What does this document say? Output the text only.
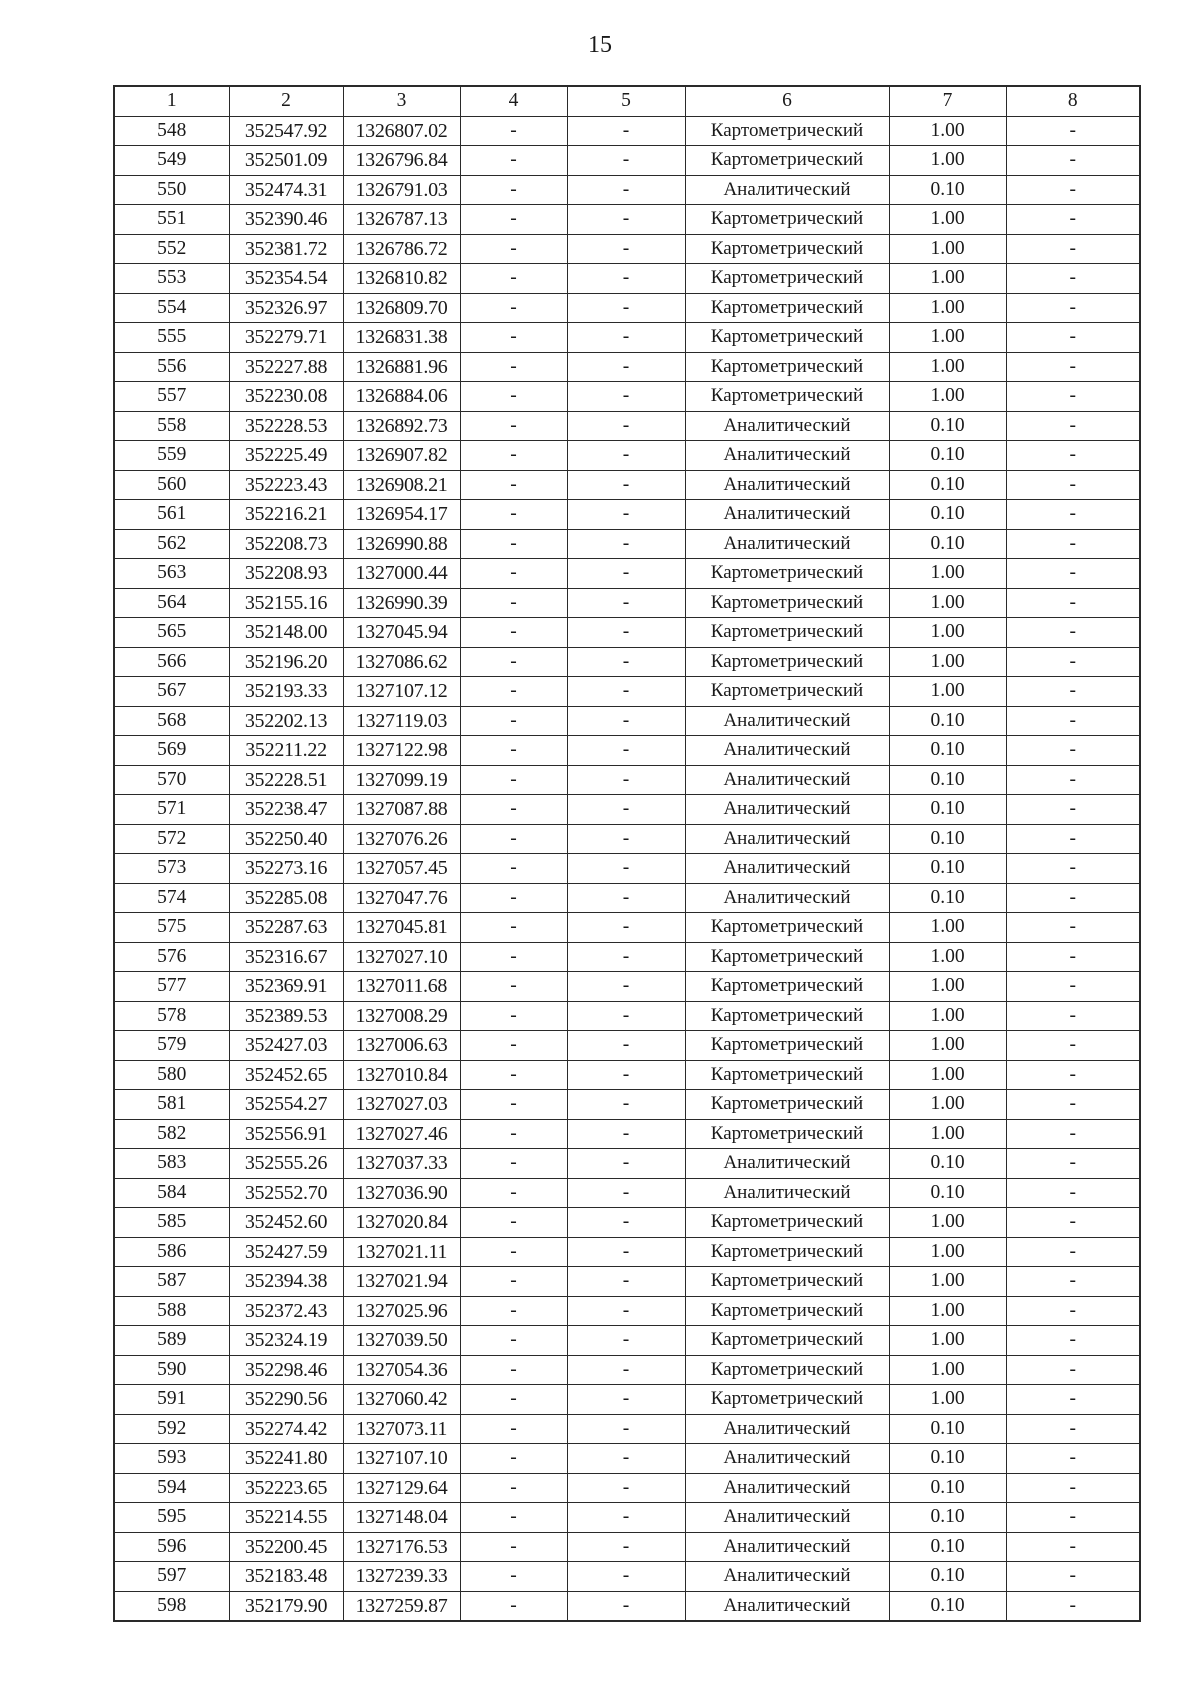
15
1	2	3	4	5	6	7	8
548	352547.92	1326807.02	-	-	Картометрический	1.00	-
549	352501.09	1326796.84	-	-	Картометрический	1.00	-
550	352474.31	1326791.03	-	-	Аналитический	0.10	-
551	352390.46	1326787.13	-	-	Картометрический	1.00	-
552	352381.72	1326786.72	-	-	Картометрический	1.00	-
553	352354.54	1326810.82	-	-	Картометрический	1.00	-
554	352326.97	1326809.70	-	-	Картометрический	1.00	-
555	352279.71	1326831.38	-	-	Картометрический	1.00	-
556	352227.88	1326881.96	-	-	Картометрический	1.00	-
557	352230.08	1326884.06	-	-	Картометрический	1.00	-
558	352228.53	1326892.73	-	-	Аналитический	0.10	-
559	352225.49	1326907.82	-	-	Аналитический	0.10	-
560	352223.43	1326908.21	-	-	Аналитический	0.10	-
561	352216.21	1326954.17	-	-	Аналитический	0.10	-
562	352208.73	1326990.88	-	-	Аналитический	0.10	-
563	352208.93	1327000.44	-	-	Картометрический	1.00	-
564	352155.16	1326990.39	-	-	Картометрический	1.00	-
565	352148.00	1327045.94	-	-	Картометрический	1.00	-
566	352196.20	1327086.62	-	-	Картометрический	1.00	-
567	352193.33	1327107.12	-	-	Картометрический	1.00	-
568	352202.13	1327119.03	-	-	Аналитический	0.10	-
569	352211.22	1327122.98	-	-	Аналитический	0.10	-
570	352228.51	1327099.19	-	-	Аналитический	0.10	-
571	352238.47	1327087.88	-	-	Аналитический	0.10	-
572	352250.40	1327076.26	-	-	Аналитический	0.10	-
573	352273.16	1327057.45	-	-	Аналитический	0.10	-
574	352285.08	1327047.76	-	-	Аналитический	0.10	-
575	352287.63	1327045.81	-	-	Картометрический	1.00	-
576	352316.67	1327027.10	-	-	Картометрический	1.00	-
577	352369.91	1327011.68	-	-	Картометрический	1.00	-
578	352389.53	1327008.29	-	-	Картометрический	1.00	-
579	352427.03	1327006.63	-	-	Картометрический	1.00	-
580	352452.65	1327010.84	-	-	Картометрический	1.00	-
581	352554.27	1327027.03	-	-	Картометрический	1.00	-
582	352556.91	1327027.46	-	-	Картометрический	1.00	-
583	352555.26	1327037.33	-	-	Аналитический	0.10	-
584	352552.70	1327036.90	-	-	Аналитический	0.10	-
585	352452.60	1327020.84	-	-	Картометрический	1.00	-
586	352427.59	1327021.11	-	-	Картометрический	1.00	-
587	352394.38	1327021.94	-	-	Картометрический	1.00	-
588	352372.43	1327025.96	-	-	Картометрический	1.00	-
589	352324.19	1327039.50	-	-	Картометрический	1.00	-
590	352298.46	1327054.36	-	-	Картометрический	1.00	-
591	352290.56	1327060.42	-	-	Картометрический	1.00	-
592	352274.42	1327073.11	-	-	Аналитический	0.10	-
593	352241.80	1327107.10	-	-	Аналитический	0.10	-
594	352223.65	1327129.64	-	-	Аналитический	0.10	-
595	352214.55	1327148.04	-	-	Аналитический	0.10	-
596	352200.45	1327176.53	-	-	Аналитический	0.10	-
597	352183.48	1327239.33	-	-	Аналитический	0.10	-
598	352179.90	1327259.87	-	-	Аналитический	0.10	-
